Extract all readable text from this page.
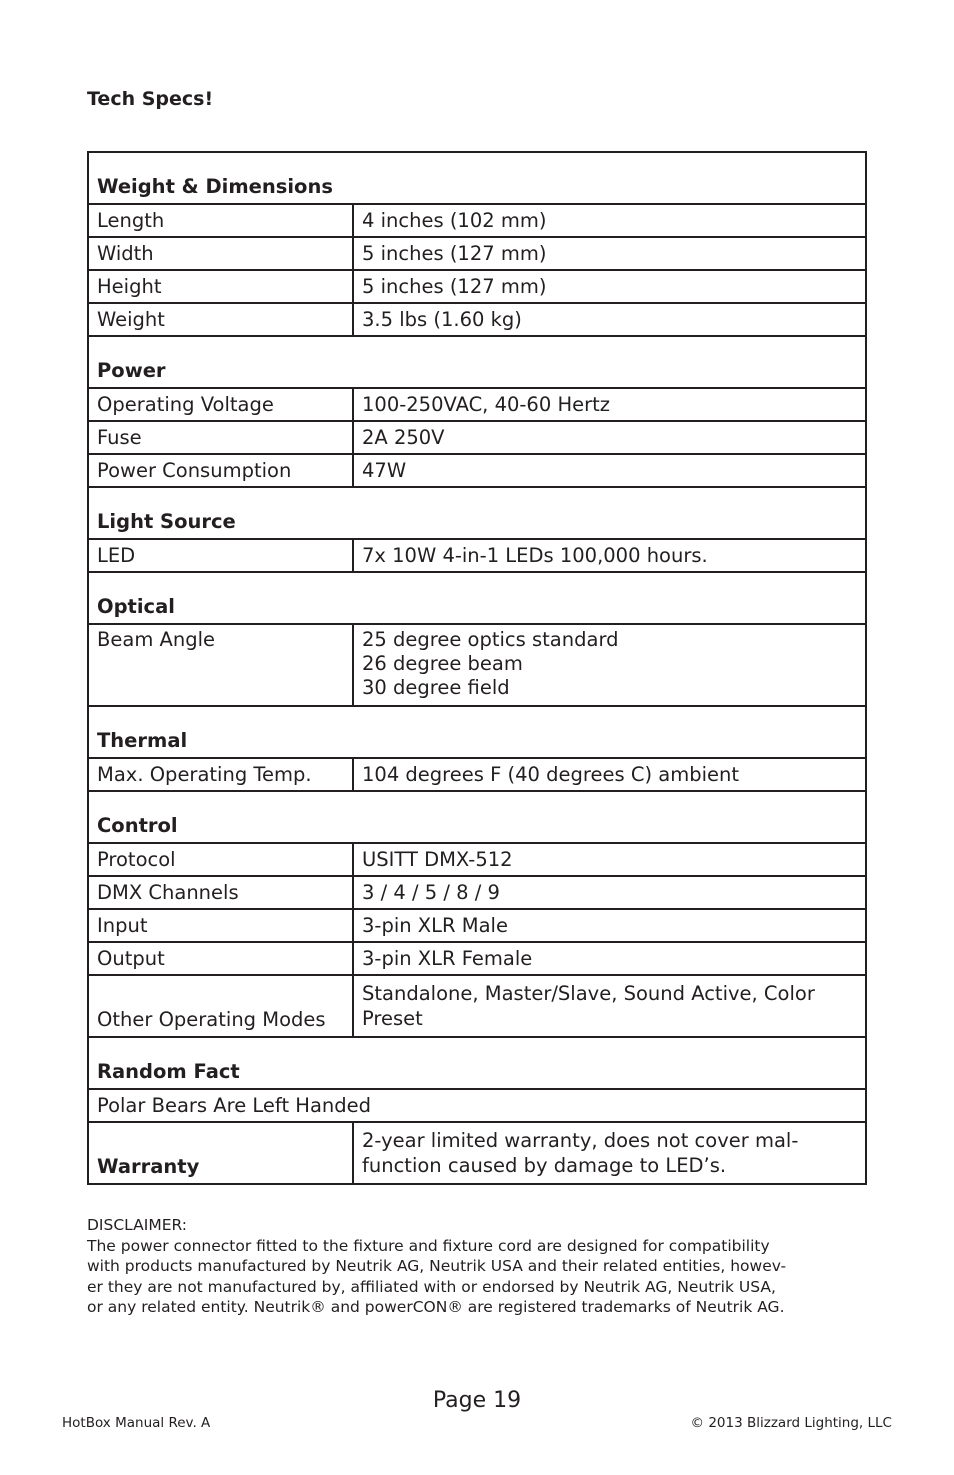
Tech Specs!
Weight & Dimensions	
Length	4 inches (102 mm)
Width	5 inches (127 mm)
Height	5 inches (127 mm)
Weight	3.5 lbs (1.60 kg)
Power	
Operating Voltage	100-250VAC, 40-60 Hertz
Fuse	2A 250V
Power Consumption	47W
Light Source	
LED	7x 10W 4-in-1 LEDs 100,000 hours.
Optical	
Beam Angle	25 degree optics standard
26 degree beam
30 degree field

Thermal	
Max. Operating Temp.	104 degrees F (40 degrees C) ambient
Control	
Protocol	USITT DMX-512
DMX Channels	3 / 4 / 5 / 8 / 9
Input	3-pin XLR Male
Output	3-pin XLR Female
Other Operating Modes	Standalone, Master/Slave, Sound Active, Color
Preset

Random Fact	
Polar Bears Are Left Handed	
Warranty	2-year limited warranty, does not cover mal-
function caused by damage to LED’s.

DISCLAIMER:

The power connector fitted to the fixture and fixture cord are designed for compatibility

with products manufactured by Neutrik AG, Neutrik USA and their related entities, howev-

er they are not manufactured by, affiliated with or endorsed by Neutrik AG, Neutrik USA,

or any related entity. Neutrik® and powerCON® are registered trademarks of Neutrik AG.

Page 19
HotBox Manual Rev. A	© 2013 Blizzard Lighting, LLC
